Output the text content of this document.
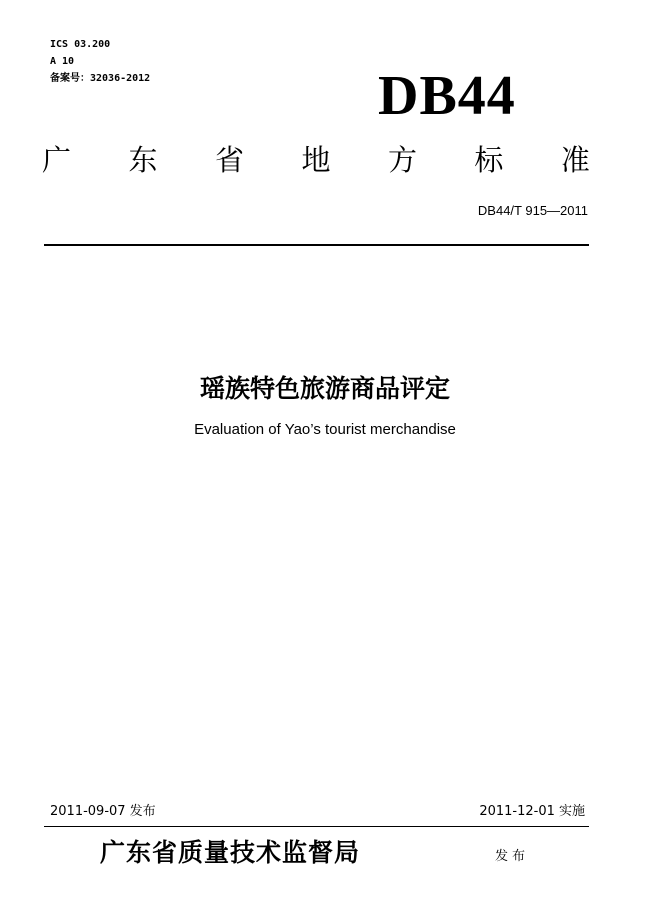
ICS 03.200
A 10
备案号：32036-2012	DB44
广 东 省 地 方 标 准
DB44/T 915—2011
瑶族特色旅游商品评定
Evaluation of Yao’s tourist merchandise
2011-09-07 发布	2011-12-01 实施
广东省质量技术监督局	发布
